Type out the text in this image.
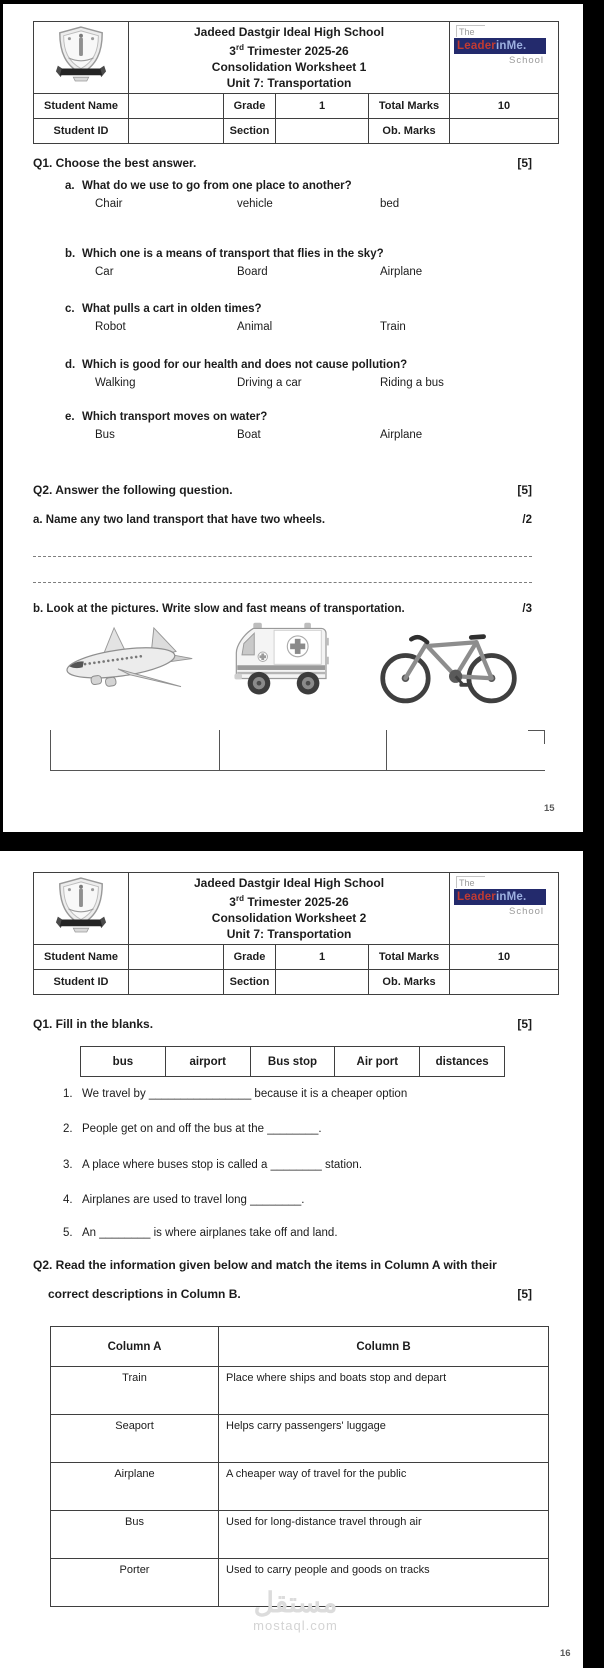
Jadeed Dastgir Ideal High School
3rd Trimester 2025-26
Consolidation Worksheet 1
Unit 7: Transportation

The
LeaderinMe.
School

Student Name		Grade	1	Total Marks	10
Student ID		Section		Ob. Marks	
Q1. Choose the best answer.	[5]
a. What do we use to go from one place to another?
Chair	vehicle	bed
b. Which one is a means of transport that flies in the sky?
Car	Board	Airplane
c. What pulls a cart in olden times?
Robot	Animal	Train
d. Which is good for our health and does not cause pollution?
Walking	Driving a car	Riding a bus
e. Which transport moves on water?
Bus	Boat	Airplane
Q2. Answer the following question.	[5]
a. Name any two land transport that have two wheels.	/2
b. Look at the pictures. Write slow and fast means of transportation.	/3
15

Jadeed Dastgir Ideal High School
3rd Trimester 2025-26
Consolidation Worksheet 2
Unit 7: Transportation

The
LeaderinMe.
School

Student Name		Grade	1	Total Marks	10
Student ID		Section		Ob. Marks	
Q1. Fill in the blanks.	[5]
bus	airport	Bus stop	Air port	distances
1. We travel by ________________ because it is a cheaper option
2. People get on and off the bus at the ________.
3. A place where buses stop is called a ________ station.
4. Airplanes are used to travel long ________.
5. An ________ is where airplanes take off and land.
Q2. Read the information given below and match the items in Column A with their
correct descriptions in Column B.	[5]
Column A	Column B
Train	Place where ships and boats stop and depart
Seaport	Helps carry passengers' luggage
Airplane	A cheaper way of travel for the public
Bus	Used for long-distance travel through air
Porter	Used to carry people and goods on tracks
مستقل
mostaql.com
16
